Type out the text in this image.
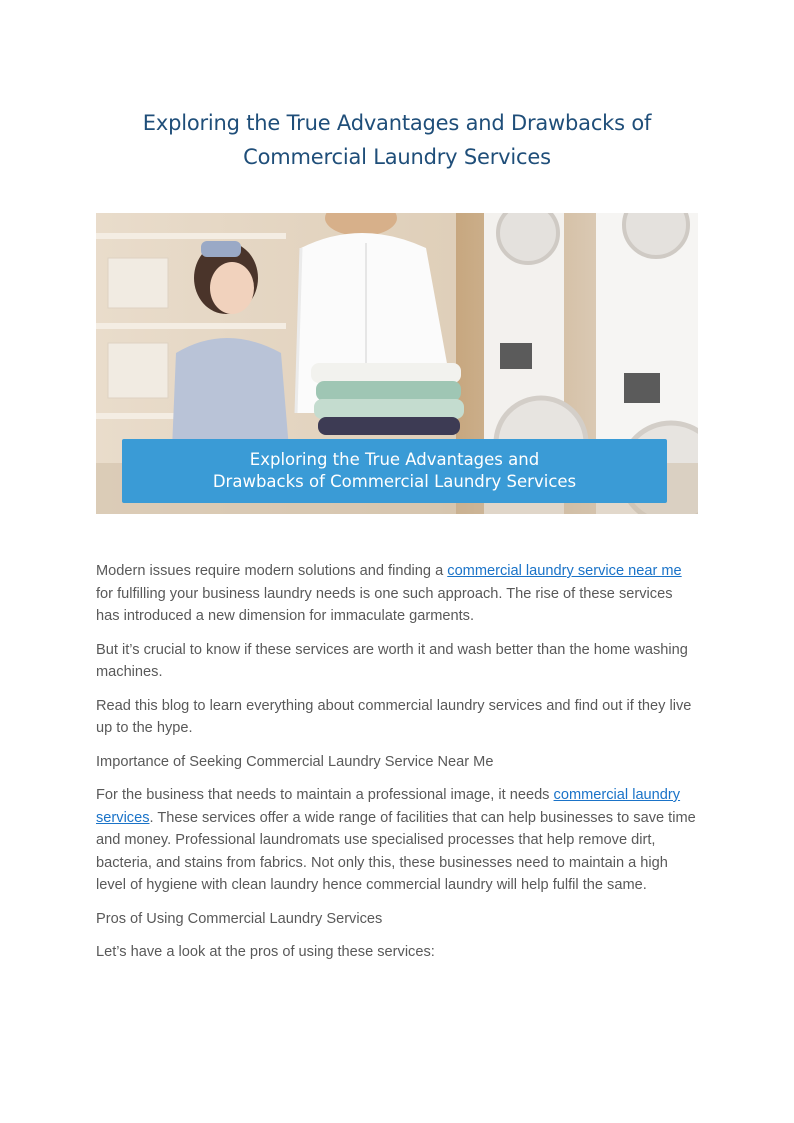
Exploring the True Advantages and Drawbacks of Commercial Laundry Services
Exploring the True Advantages and
Drawbacks of Commercial Laundry Services

Modern issues require modern solutions and finding a commercial laundry service near me for fulfilling your business laundry needs is one such approach. The rise of these services has introduced a new dimension for immaculate garments.

But it’s crucial to know if these services are worth it and wash better than the home washing machines.

Read this blog to learn everything about commercial laundry services and find out if they live up to the hype.

Importance of Seeking Commercial Laundry Service Near Me

For the business that needs to maintain a professional image, it needs commercial laundry services. These services offer a wide range of facilities that can help businesses to save time and money. Professional laundromats use specialised processes that help remove dirt, bacteria, and stains from fabrics. Not only this, these businesses need to maintain a high level of hygiene with clean laundry hence commercial laundry will help fulfil the same.

Pros of Using Commercial Laundry Services

Let’s have a look at the pros of using these services:
